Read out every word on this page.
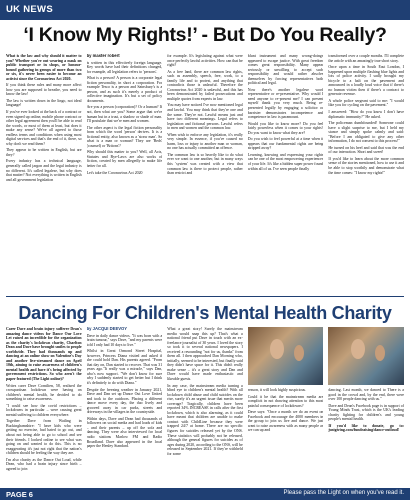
UK NEWS
‘I Know My Rights!’ - But Do You Really?

What is the law and why should it matter to you? Whether you're out wearing a mask on public transport or in shops, or honour-bound gathering in groups of more than two or six, it's never been easier to become an activist since the Coronavirus Act 2020.

If you think these rules and many more affect how you are supposed to breathe, you need to know the law!

The law is written down in the lingo, not ideal language!

If you've ever looked at the back of a contract or even signed up online, mobile phone contract or other legal agreement then you'll be able to read the words, or most of them at least, but does it make any sense? We've all agreed to those endless terms and conditions when using most digital services and that's the end of it, there, so why don't we read them?

They appear to be written in English, but are they?

Every industry has a technical language, generally called jargon and the legal industry is no different. It's called legalese, but why does that matter? Not everything is written in English and all government legislation

by master robert

is written in this effectively foreign language. Key words have had their definitions changed, for example, all legislation refers to 'persons'.

What is a person? A person is a corporate legal fiction personality, in short a corporation. For example Tesco is a person and Sainsbury's is a person, and as such it's merely a product of collective imagination. It's but a set of policy documents.

Are you a person (corporation)? Or a human? If not, then what are you? Some argue that we're human but in a trust, a shadow or shade of man. I'll postulate that we're men and women.

The other aspect is the legal fiction personality from which the word 'person' derives. It is a fictional entity, also known as a 'straw man'. So what is a man or woman? They are 'Beds' (counsel) or 'Britons'?

Why should this matter to you? Well, all Acts, Statutes and Bye-Laws are also works of fiction, created by men allegedly to make life better for all.

Let's take the Coronavirus Act 2020

for example. It's legislating against what were once perfectly lawful activities. How can that be right?

As a free land, there are common law rights, such as assembly, speech, free, work, to a family life and to protest, and anything that contradicts those is unlawful. Therefore the Coronavirus Act 2020 is unlawful, and this has been demonstrated by failed prosecutions and multiple quotes from experts in law.

You may have noticed I've now mentioned legal and lawful. You may think that they're one and the same. They're not. Lawful means just and have two different meanings. Legal refers to legislation and fictional persons. Lawful refers to men and women and the common law.

When wish to enforce any legislation, it's really very simple. In essence, if you've caused no harm, loss or injury to another man or woman, no one has actually committed an offence.

The common law is so heavily like to do what ever we want to one another, but in many ways this 'system' was created with a view that common law is there to protect people, rather than restrict and

blunt instrument and many wrong-doings appeared to escape justice. With great freedom comes great responsibility. Many appear seriously or unwilling to accept such responsibility and would rather absolve themselves by forcing representatives both political and legal.

Now there's another legalese word representative or re-presentative. Why would I need anyone to re-present me? I can present myself thank you very much. Being re-presented legally by engaging a solicitor or barrister demonstrates incompetence and competence in law is paramount.

Would you like to know more? Do you feel fairly powerless when it comes to your rights? Do you want to know what they are?

Do you wish to feel powerful at a time when it appears that our fundamental rights are being stripped away?

Learning, knowing and expressing your rights can be one of the most empowering experiences of your life. It's like a hidden super power found within all of us. I've seen people finally

transformed over a couple months. I'll complete the article with an amazingly true short story.

Once upon a time in South East London, I happened upon multiple flashing blue lights and lots of police activity. I sadly brought my bicycle to a halt on the pavement and announced in a loudly loud voice that if there's no human victim then if there's a contract to generate revenue.

A whole police sergeant said to me: "I would like you for cycling on the pavement."

I answered: "How do you know I don't have diplomatic immunity?" He asked.

The policeman dumbfounded! Someone could have a slight surprise to me, but I held my stance and simply spoke calmly and said: "Before I am obligated to give any other information, I do not consent to this process!"

He turned on his heel and said that was the end of our interaction. Short and sweet!

If you'd like to learn about the more common sense of the stories mentioned, how to use it and be able to stop worthily and demonstrate what the time comes: "I know my rights!"

Dancing For Children's Mental Health Charity

Carer Dave and brain injury sufferer Dean's amazing dance videos for Dance Our Love Let raised an incredible for the organization as the charity's lockdown charity, Charlton Dean and Dave have brought smiles to people worldwide. They had thousands up and dancing at an online show on Valentine's Day and another live-streamed dance on April 10th, aiming to raise awareness of children's mental health and have it's being affected by government restrictions. So who aren't the paper featured (The Light online)?

Writes carer Dave Cornilien, 58, realised the crosspartisan lockdown were having on children's mental health, he decided to do something to raise awareness.

"I could see how the covid restrictions – lockdowns in particular – were causing great mental suffering to children everywhere.

Together Dave from Watling in Buckinghamshire: "I have kids who were getting no exercise, had hated to go out, and about not being able to go to school and see their friends. I looked online to see what was going on and wanted to do this. This is no exaggerating it's just not right that the nation's children should be feeling the way they are.

I'm also charity as the Dance Out Loud, while Dean, who had a brain injury since birth – agreed to join

by JACQUI DEEVOY

Dave in daily dance videos. "It was born with a brain tumour," says Dave, "and my parents were told I only had 10 days to live."

Whilst in Great Ormond Street Hospital, however, Princess Diana visited and asked if she could hold Dan. His parents agreed. "From that day on, Dan started to recover. That was 31 years ago."It really was a miracle," says Dan, who's now support. "We don't know for sure why I suddenly started to get better but I think it's definitely to do with Diana."

Despite the freezing weather in January 2021, Dave and Dan set up Dance Out Love United and took to the outdoors. Placing a different dance move every day, the duo lively and grooved away in car parks, streets and driveways in the villages in the countryside.

Within days, Dave and Dean had thousands of followers on social media and had loads of kids – and their parents – up off the sofa and dancing. They were also interviewed for local radio stations Marlow FM and Radio Broadland. Dave also appeared in the local paper the Henley Standard.

What a great story! Surely the mainstream media would snap this up? That's what a national friend put Dave in touch with an ex-freelance journalist of 30 years. I loved the story so took it to several national newspapers. I received a resounding "not for us, thanks" from them all. I then approached Dan Morning who, initially, seemed to be interested, but finally said they didn't have space for it. This didn't really make sense – it's a great story and Dan and Dave would have made enthusiastic and likeable guests.

In any case, the mainstream media turning a blind eye to children's mental health? With all lockdown child abuse and child suicides on the rise, surely it's an urgent issue that merits more coverage? Tragically, children have been reported 34% INCREASE in calls after the first lockdown, which is also alarming, as it could have meant that children are unable to make contact with ChildLine because they were trapped 24/7 at home. There are no specific figures for suicides released yet by the ONS. These statistics will probably not be released, although the general figures for suicides as of ages during 2020, according to the ONS, will be released in September 2021. If they're withheld for some

reason, it will look highly suspicious.

Could it be that the mainstream media are complicit in not drawing attention to this most painful consequence of lockdowns?

Dave says: "Once a month we do an event on Facebook and encourage the 4000 members in the group to join us live and dance. We just want to raise awareness with as many people as we can up and

dancing. Last month, we danced to There is a good in the crowd and, by the end, there were over 100 people dancing with us."

Dave and Dean's Facebook page is in support of Young Minds Trust, which is the UK's leading charity fighting for children's and young people's mental health.

If you'd like to donate, go to: justgiving.com/fundraising/dance-outloud!

PAGE 6	Please pass the Light on when you've read it.
